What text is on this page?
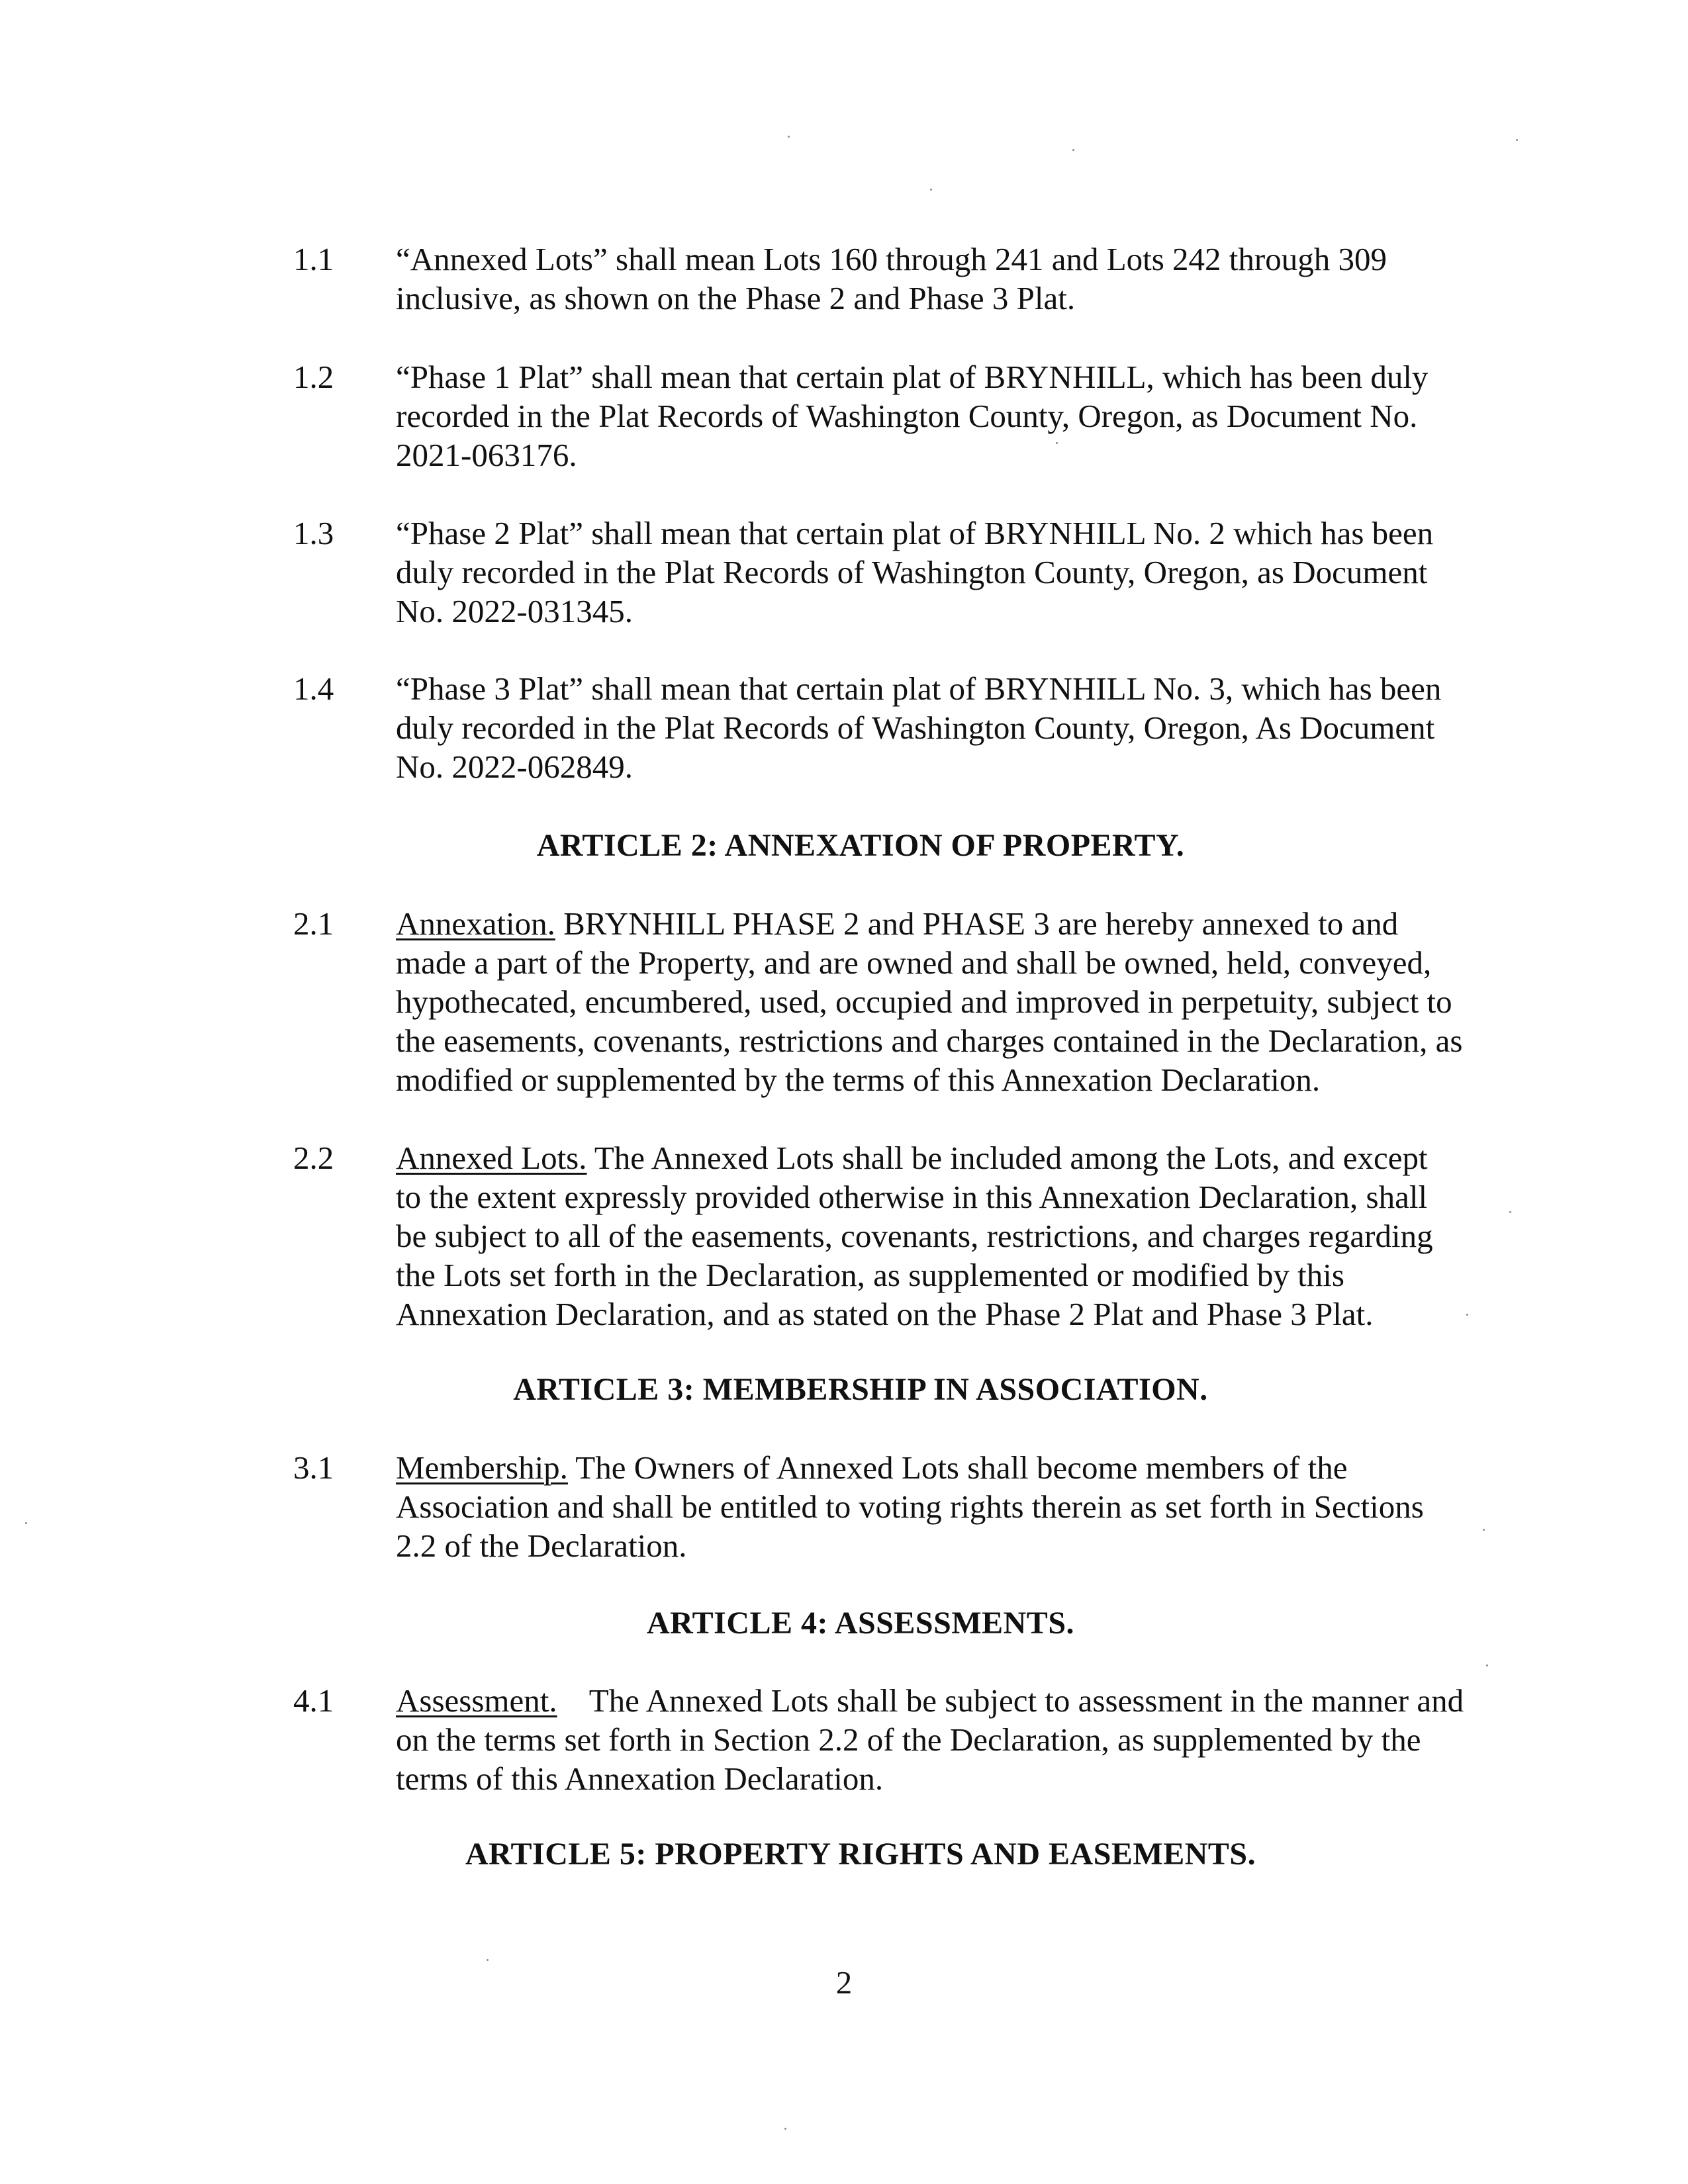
1.1	“Annexed Lots” shall mean Lots 160 through 241 and Lots 242 through 309
inclusive, as shown on the Phase 2 and Phase 3 Plat.
1.2	“Phase 1 Plat” shall mean that certain plat of BRYNHILL, which has been duly
recorded in the Plat Records of Washington County, Oregon, as Document No.
2021-063176.
1.3	“Phase 2 Plat” shall mean that certain plat of BRYNHILL No. 2 which has been
duly recorded in the Plat Records of Washington County, Oregon, as Document
No. 2022-031345.
1.4	“Phase 3 Plat” shall mean that certain plat of BRYNHILL No. 3, which has been
duly recorded in the Plat Records of Washington County, Oregon, As Document
No. 2022-062849.
ARTICLE 2: ANNEXATION OF PROPERTY.
2.1	Annexation. BRYNHILL PHASE 2 and PHASE 3 are hereby annexed to and
made a part of the Property, and are owned and shall be owned, held, conveyed,
hypothecated, encumbered, used, occupied and improved in perpetuity, subject to
the easements, covenants, restrictions and charges contained in the Declaration, as
modified or supplemented by the terms of this Annexation Declaration.
2.2	Annexed Lots. The Annexed Lots shall be included among the Lots, and except
to the extent expressly provided otherwise in this Annexation Declaration, shall
be subject to all of the easements, covenants, restrictions, and charges regarding
the Lots set forth in the Declaration, as supplemented or modified by this
Annexation Declaration, and as stated on the Phase 2 Plat and Phase 3 Plat.
ARTICLE 3: MEMBERSHIP IN ASSOCIATION.
3.1	Membership. The Owners of Annexed Lots shall become members of the
Association and shall be entitled to voting rights therein as set forth in Sections
2.2 of the Declaration.
ARTICLE 4: ASSESSMENTS.
4.1	Assessment.    The Annexed Lots shall be subject to assessment in the manner and
on the terms set forth in Section 2.2 of the Declaration, as supplemented by the
terms of this Annexation Declaration.
ARTICLE 5: PROPERTY RIGHTS AND EASEMENTS.
2
